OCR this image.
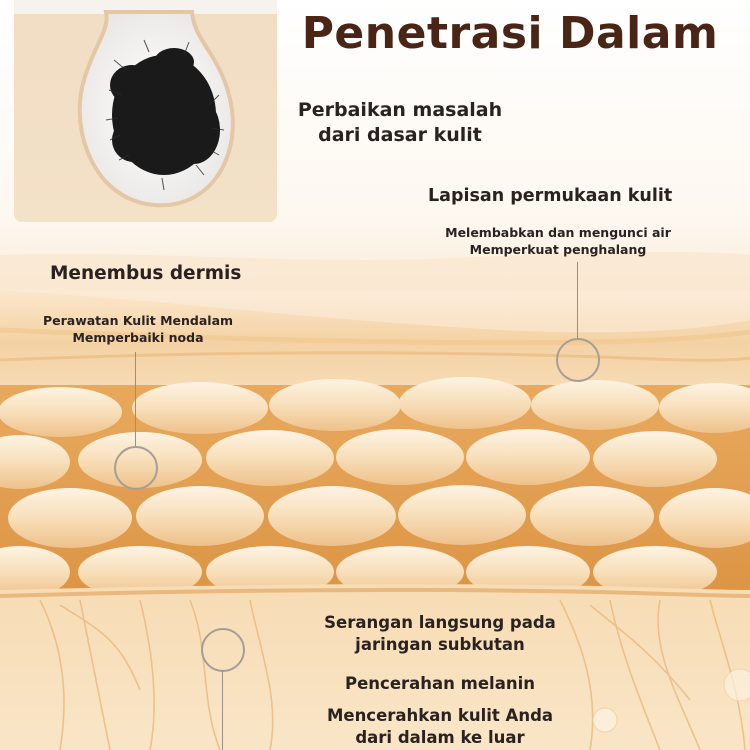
Penetrasi Dalam
Perbaikan masalah
dari dasar kulit
Lapisan permukaan kulit
Melembabkan dan mengunci air
Memperkuat penghalang
Menembus dermis
Perawatan Kulit Mendalam
Memperbaiki noda
Serangan langsung pada
jaringan subkutan
Pencerahan melanin
Mencerahkan kulit Anda
dari dalam ke luar
